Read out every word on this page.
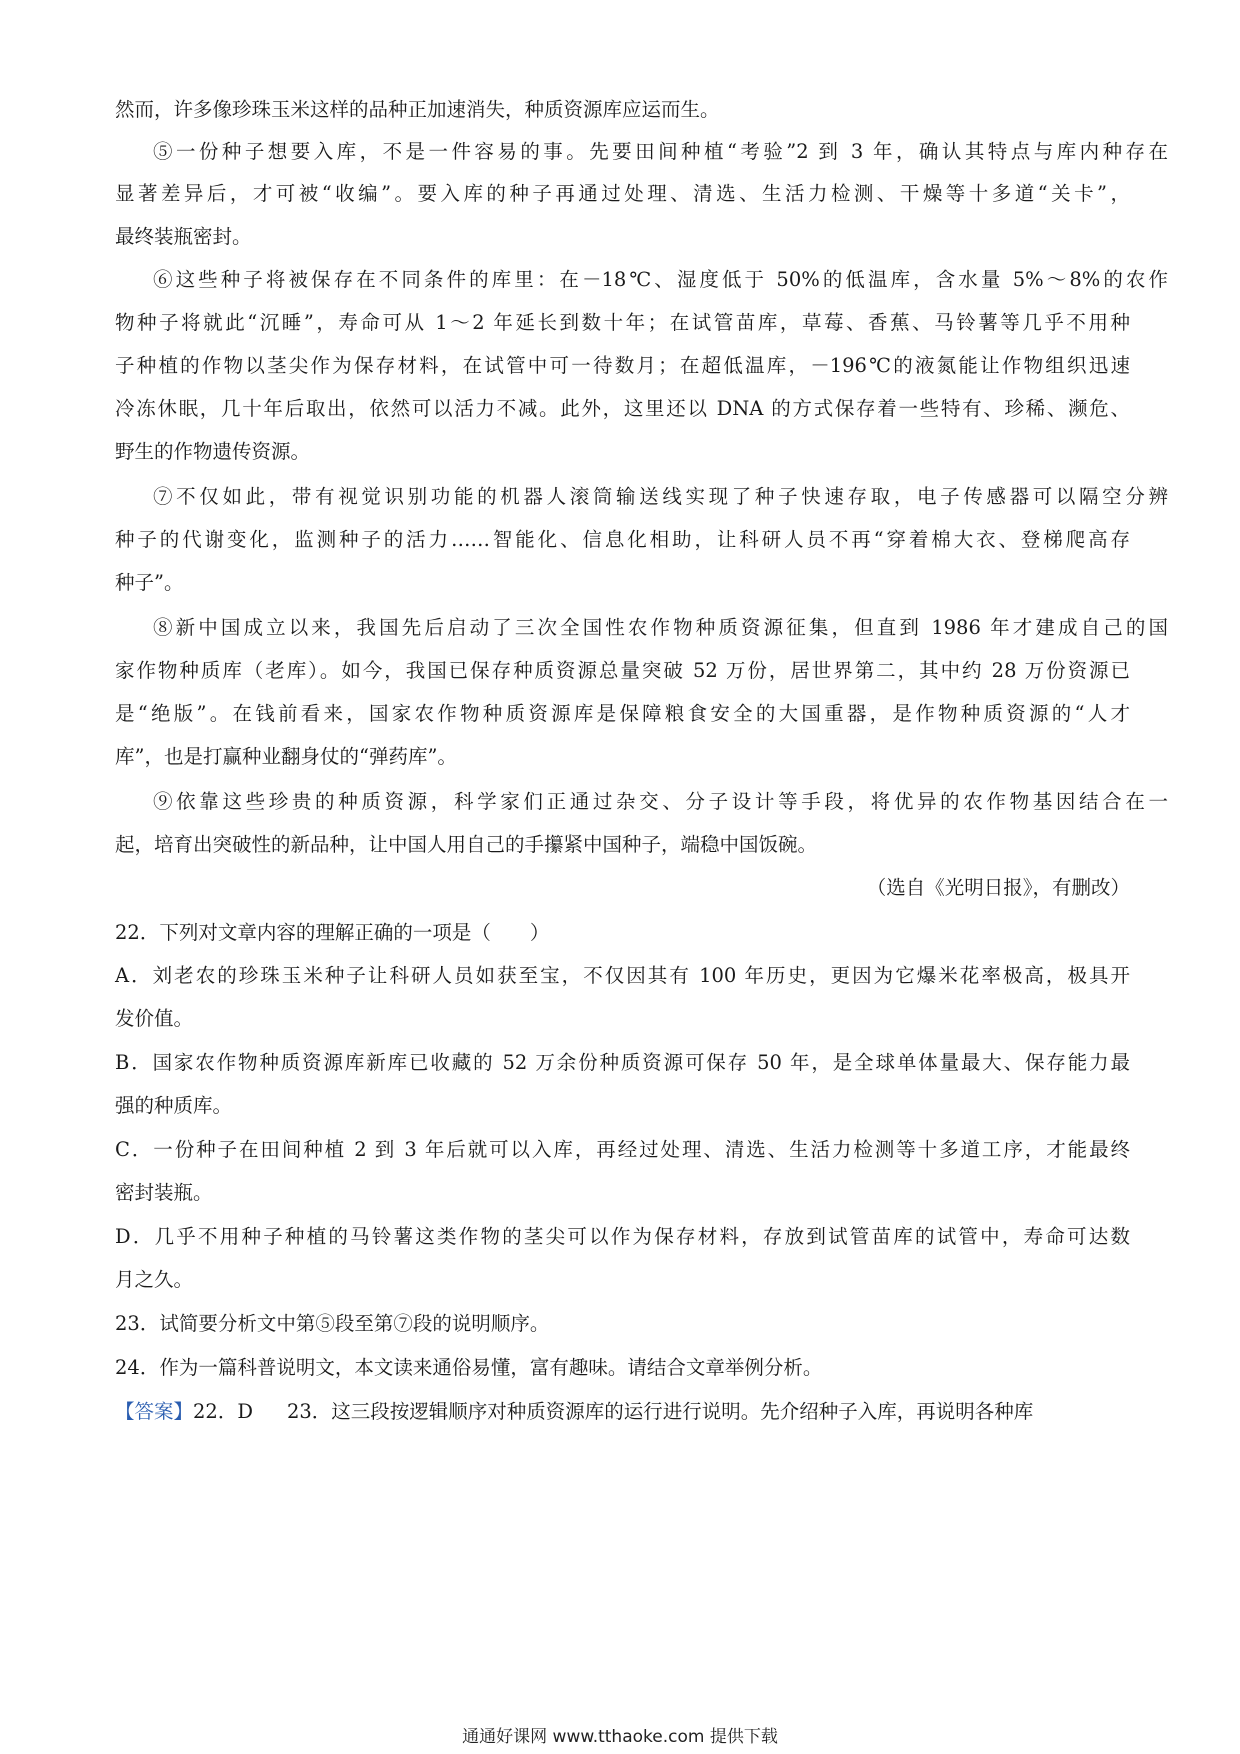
然而，许多像珍珠玉米这样的品种正加速消失，种质资源库应运而生。
⑤一份种子想要入库，不是一件容易的事。先要田间种植“考验”2 到 3 年，确认其特点与库内种存在
显著差异后，才可被“收编”。要入库的种子再通过处理、清选、生活力检测、干燥等十多道“关卡”，
最终装瓶密封。
⑥这些种子将被保存在不同条件的库里：在－18℃、湿度低于 50%的低温库，含水量 5%～8%的农作
物种子将就此“沉睡”，寿命可从 1～2 年延长到数十年；在试管苗库，草莓、香蕉、马铃薯等几乎不用种
子种植的作物以茎尖作为保存材料，在试管中可一待数月；在超低温库，－196℃的液氮能让作物组织迅速
冷冻休眠，几十年后取出，依然可以活力不减。此外，这里还以 DNA 的方式保存着一些特有、珍稀、濒危、
野生的作物遗传资源。
⑦不仅如此，带有视觉识别功能的机器人滚筒输送线实现了种子快速存取，电子传感器可以隔空分辨
种子的代谢变化，监测种子的活力……智能化、信息化相助，让科研人员不再“穿着棉大衣、登梯爬高存
种子”。
⑧新中国成立以来，我国先后启动了三次全国性农作物种质资源征集，但直到 1986 年才建成自己的国
家作物种质库（老库）。如今，我国已保存种质资源总量突破 52 万份，居世界第二，其中约 28 万份资源已
是“绝版”。在钱前看来，国家农作物种质资源库是保障粮食安全的大国重器，是作物种质资源的“人才
库”，也是打赢种业翻身仗的“弹药库”。
⑨依靠这些珍贵的种质资源，科学家们正通过杂交、分子设计等手段，将优异的农作物基因结合在一
起，培育出突破性的新品种，让中国人用自己的手攥紧中国种子，端稳中国饭碗。
（选自《光明日报》，有删改）
22．下列对文章内容的理解正确的一项是（　　）
A．刘老农的珍珠玉米种子让科研人员如获至宝，不仅因其有 100 年历史，更因为它爆米花率极高，极具开
发价值。
B．国家农作物种质资源库新库已收藏的 52 万余份种质资源可保存 50 年，是全球单体量最大、保存能力最
强的种质库。
C．一份种子在田间种植 2 到 3 年后就可以入库，再经过处理、清选、生活力检测等十多道工序，才能最终
密封装瓶。
D．几乎不用种子种植的马铃薯这类作物的茎尖可以作为保存材料，存放到试管苗库的试管中，寿命可达数
月之久。
23．试简要分析文中第⑤段至第⑦段的说明顺序。
24．作为一篇科普说明文，本文读来通俗易懂，富有趣味。请结合文章举例分析。
【答案】22．D 23．这三段按逻辑顺序对种质资源库的运行进行说明。先介绍种子入库，再说明各种库
通通好课网 www.tthaoke.com 提供下载
